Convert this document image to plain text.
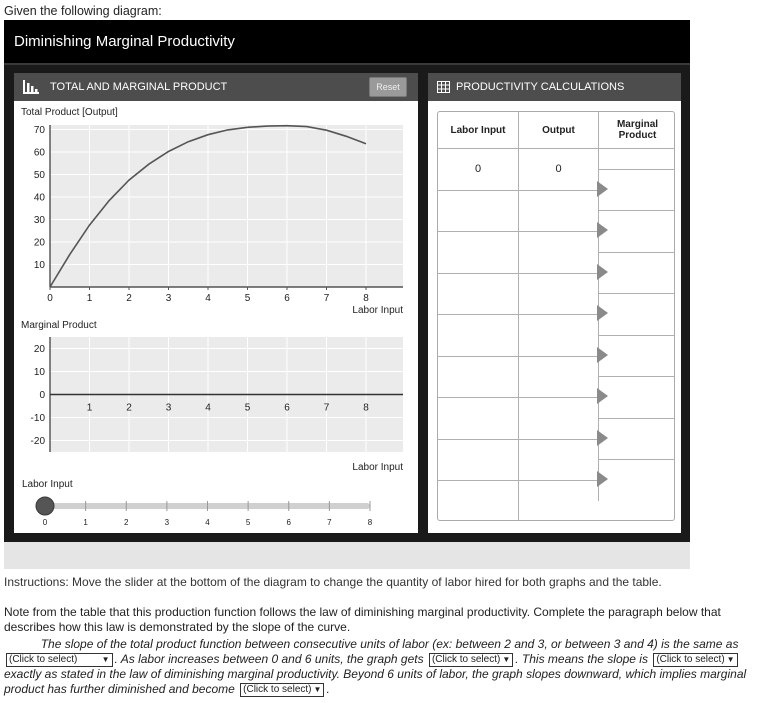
Given the following diagram:
Diminishing Marginal Productivity
TOTAL AND MARGINAL PRODUCT	Reset
Total Product [Output]
10
20
30
40
50
60
70
0	1	2	3	4	5	6	7	8
Labor Input
Marginal Product
20
10
0
-10
-20
1	2	3	4	5	6	7	8
Labor Input
Labor Input
0	1	2	3	4	5	6	7	8
PRODUCTIVITY CALCULATIONS
Labor Input	Output	Marginal Product
0	0
Instructions: Move the slider at the bottom of the diagram to change the quantity of labor hired for both graphs and the table.
Note from the table that this production function follows the law of diminishing marginal productivity. Complete the paragraph below that describes how this law is demonstrated by the slope of the curve.
The slope of the total product function between consecutive units of labor (ex: between 2 and 3, or between 3 and 4) is the same as (Click to select)	▼ . As labor increases between 0 and 6 units, the graph gets (Click to select) ▼ . This means the slope is (Click to select) ▼exactly as stated in the law of diminishing marginal productivity. Beyond 6 units of labor, the graph slopes downward, which implies marginal product has further diminished and become (Click to select) ▼ .
